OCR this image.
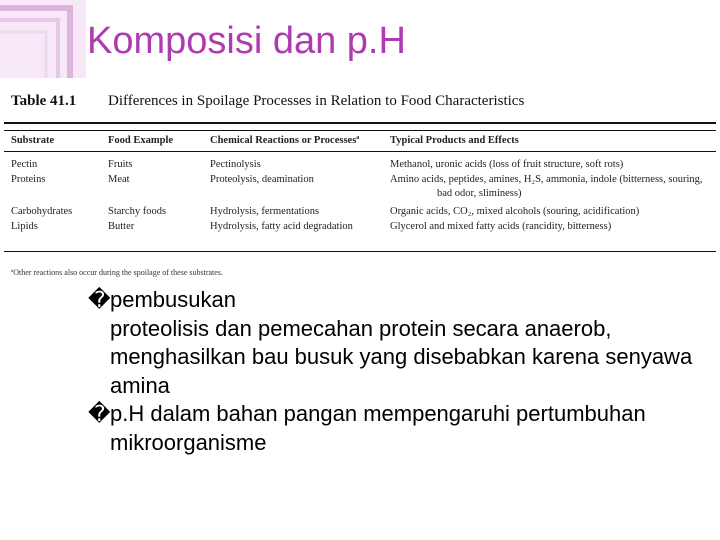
Komposisi dan p.H
Table 41.1 Differences in Spoilage Processes in Relation to Food Characteristics
Substrate	Food Example	Chemical Reactions or Processesª	Typical Products and Effects
Pectin	Fruits	Pectinolysis	Methanol, uronic acids (loss of fruit structure, soft rots)
Proteins	Meat	Proteolysis, deamination	Amino acids, peptides, amines, H₂S, ammonia, indole (bitterness, souring,
bad odor, sliminess)
Carbohydrates	Starchy foods	Hydrolysis, fermentations	Organic acids, CO₂, mixed alcohols (souring, acidification)
Lipids	Butter	Hydrolysis, fatty acid degradation	Glycerol and mixed fatty acids (rancidity, bitterness)
ªOther reactions also occur during the spoilage of these substrates.
� pembusukan
proteolisis dan pemecahan protein secara anaerob, menghasilkan bau busuk yang disebabkan karena senyawa amina
� p.H dalam bahan pangan mempengaruhi pertumbuhan mikroorganisme
